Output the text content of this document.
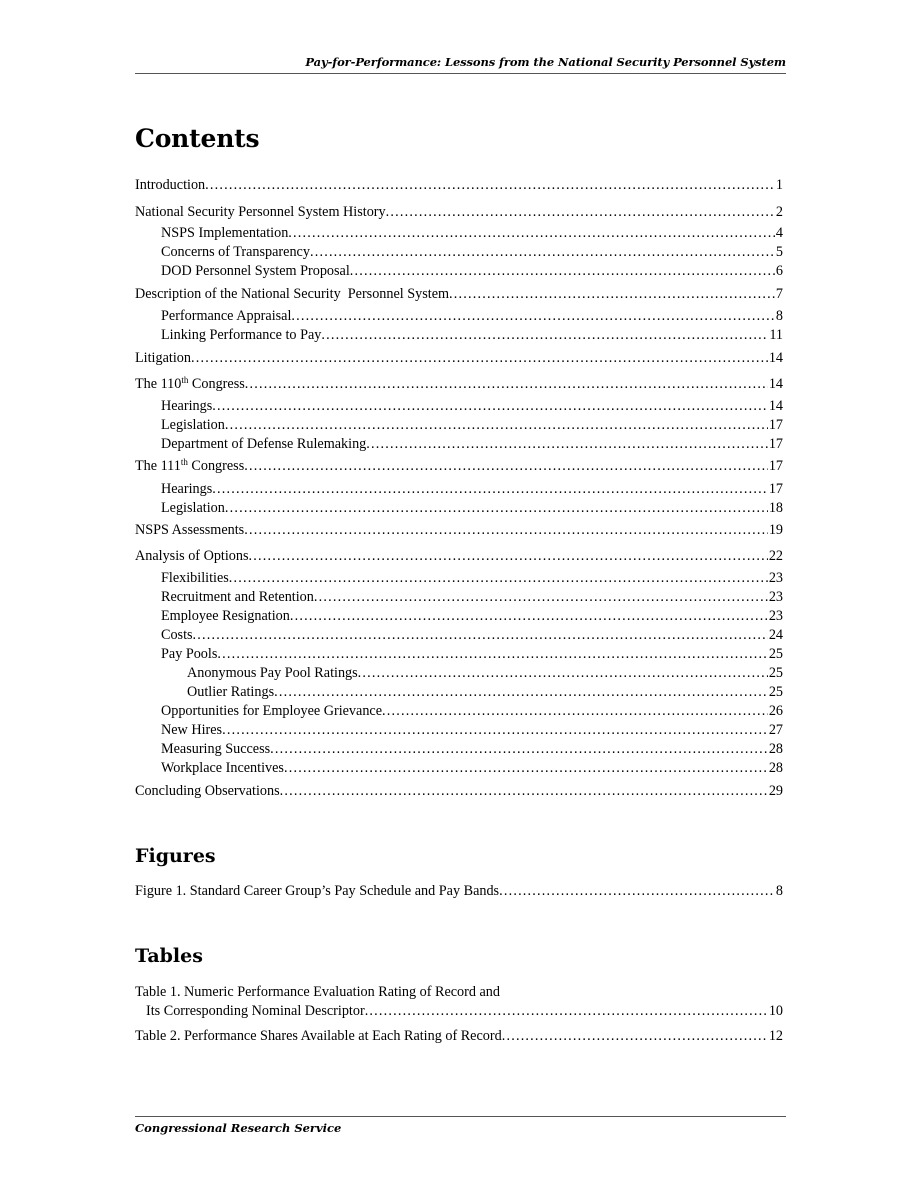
Pay-for-Performance: Lessons from the National Security Personnel System
Contents
Introduction .....	1
National Security Personnel System History .....	2
NSPS Implementation .....	4
Concerns of Transparency .....	5
DOD Personnel System Proposal .....	6
Description of the National Security  Personnel System .....	7
Performance Appraisal .....	8
Linking Performance to Pay .....	11
Litigation .....	14
The 110th Congress .....	14
Hearings .....	14
Legislation .....	17
Department of Defense Rulemaking .....	17
The 111th Congress .....	17
Hearings .....	17
Legislation .....	18
NSPS Assessments .....	19
Analysis of Options .....	22
Flexibilities .....	23
Recruitment and Retention .....	23
Employee Resignation .....	23
Costs .....	24
Pay Pools .....	25
Anonymous Pay Pool Ratings .....	25
Outlier Ratings .....	25
Opportunities for Employee Grievance .....	26
New Hires .....	27
Measuring Success .....	28
Workplace Incentives .....	28
Concluding Observations .....	29
Figures
Figure 1. Standard Career Group’s Pay Schedule and Pay Bands .....	8
Tables
Table 1. Numeric Performance Evaluation Rating of Record and
Its Corresponding Nominal Descriptor .....	10
Table 2. Performance Shares Available at Each Rating of Record .....	12
Congressional Research Service
